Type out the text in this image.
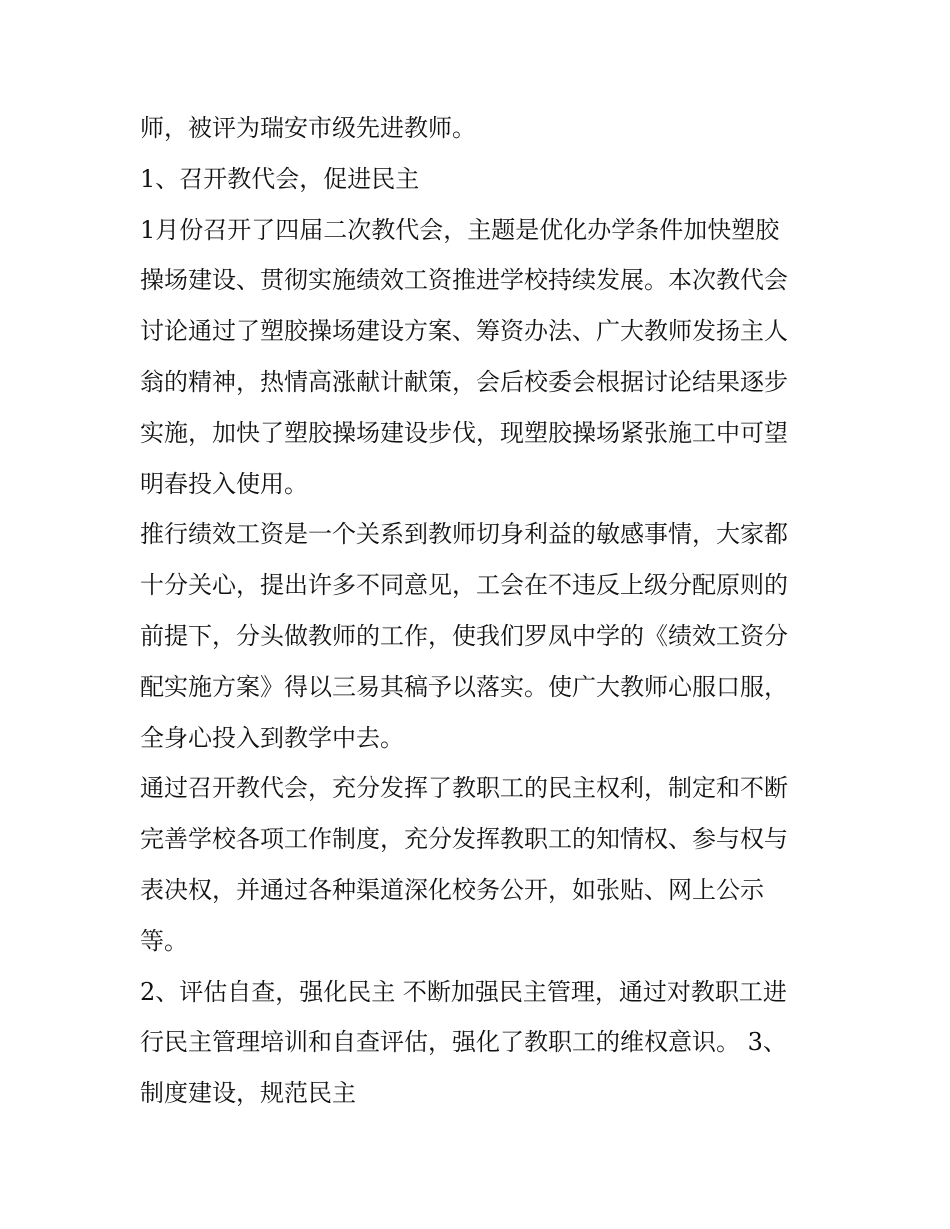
师，被评为瑞安市级先进教师。
1、召开教代会，促进民主
1月份召开了四届二次教代会，主题是优化办学条件加快塑胶
操场建设、贯彻实施绩效工资推进学校持续发展。本次教代会
讨论通过了塑胶操场建设方案、筹资办法、广大教师发扬主人
翁的精神，热情高涨献计献策，会后校委会根据讨论结果逐步
实施，加快了塑胶操场建设步伐，现塑胶操场紧张施工中可望
明春投入使用。
推行绩效工资是一个关系到教师切身利益的敏感事情，大家都
十分关心，提出许多不同意见，工会在不违反上级分配原则的
前提下，分头做教师的工作，使我们罗凤中学的《绩效工资分
配实施方案》得以三易其稿予以落实。使广大教师心服口服，
全身心投入到教学中去。
通过召开教代会，充分发挥了教职工的民主权利，制定和不断
完善学校各项工作制度，充分发挥教职工的知情权、参与权与
表决权，并通过各种渠道深化校务公开，如张贴、网上公示
等。
2、评估自查，强化民主 不断加强民主管理，通过对教职工进
行民主管理培训和自查评估，强化了教职工的维权意识。 3、
制度建设，规范民主
